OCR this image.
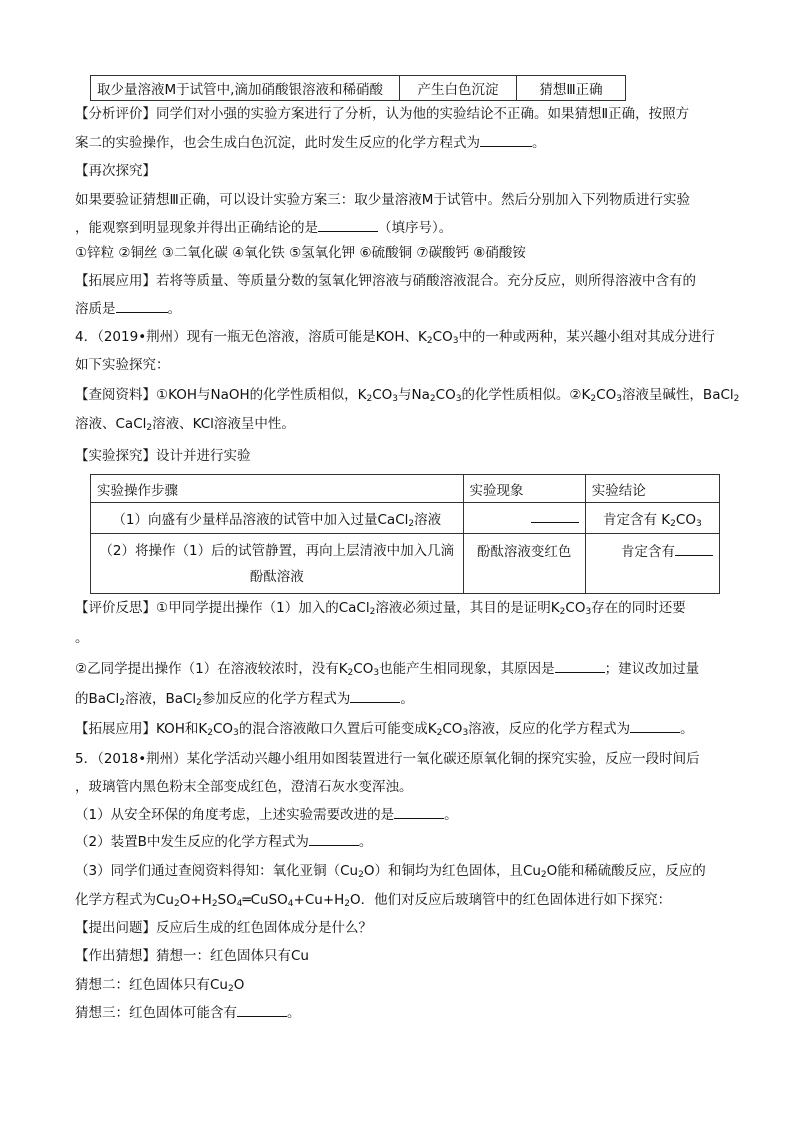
取少量溶液M于试管中,滴加硝酸银溶液和稀硝酸	产生白色沉淀	猜想Ⅲ正确
【分析评价】同学们对小强的实验方案进行了分析，认为他的实验结论不正确。如果猜想Ⅱ正确，按照方
案二的实验操作，也会生成白色沉淀，此时发生反应的化学方程式为	。
【再次探究】
如果要验证猜想Ⅲ正确，可以设计实验方案三：取少量溶液M于试管中。然后分别加入下列物质进行实验
，能观察到明显现象并得出正确结论的是	（填序号）。
①锌粒 ②铜丝 ③二氧化碳 ④氧化铁 ⑤氢氧化钾 ⑥硫酸铜 ⑦碳酸钙 ⑧硝酸铵
【拓展应用】若将等质量、等质量分数的氢氧化钾溶液与硝酸溶液混合。充分反应，则所得溶液中含有的
溶质是	。
4．（2019•荆州）现有一瓶无色溶液，溶质可能是KOH、$K_2CO_3$中的一种或两种，某兴趣小组对其成分进行
如下实验探究：
【查阅资料】①KOH与NaOH的化学性质相似，$K_2CO_3$与$Na_2CO_3$的化学性质相似。$②K_2CO_3$溶液呈碱性，BaCl$_2$
溶液、CaCl$_2$溶液、KCl溶液呈中性。
【实验探究】设计并进行实验
实验操作步骤	实验现象	实验结论
（1）向盛有少量样品溶液的试管中加入过量CaCl$_2$溶液		肯定含有 $K_2CO_3$
（2）将操作（1）后的试管静置，再向上层清液中加入几滴
酚酞溶液	酚酞溶液变红色	肯定含有
【评价反思】①甲同学提出操作（1）加入的CaCl$_2$溶液必须过量，其目的是证明$K_2CO_3$存在的同时还要
。
②乙同学提出操作（1）在溶液较浓时，没有$K_2CO_3$也能产生相同现象，其原因是	；建议改加过量
的BaCl$_2$溶液，BaCl$_2$参加反应的化学方程式为	。
【拓展应用】KOH和$K_2CO_3$的混合溶液敞口久置后可能变成$K_2CO_3$溶液，反应的化学方程式为	。
5．（2018•荆州）某化学活动兴趣小组用如图装置进行一氧化碳还原氧化铜的探究实验，反应一段时间后
，玻璃管内黑色粉末全部变成红色，澄清石灰水变浑浊。
（1）从安全环保的角度考虑，上述实验需要改进的是	。
（2）装置B中发生反应的化学方程式为	。
（3）同学们通过查阅资料得知：氧化亚铜$(Cu_2O)$和铜均为红色固体，且$Cu_2O$能和稀硫酸反应，反应的
化学方程式为$Cu_2O+H_2SO_4═CuSO_4+Cu+H_2O$．他们对反应后玻璃管中的红色固体进行如下探究：
【提出问题】反应后生成的红色固体成分是什么？
【作出猜想】猜想一：红色固体只有Cu
猜想二：红色固体只有$Cu_2O$
猜想三：红色固体可能含有	。
